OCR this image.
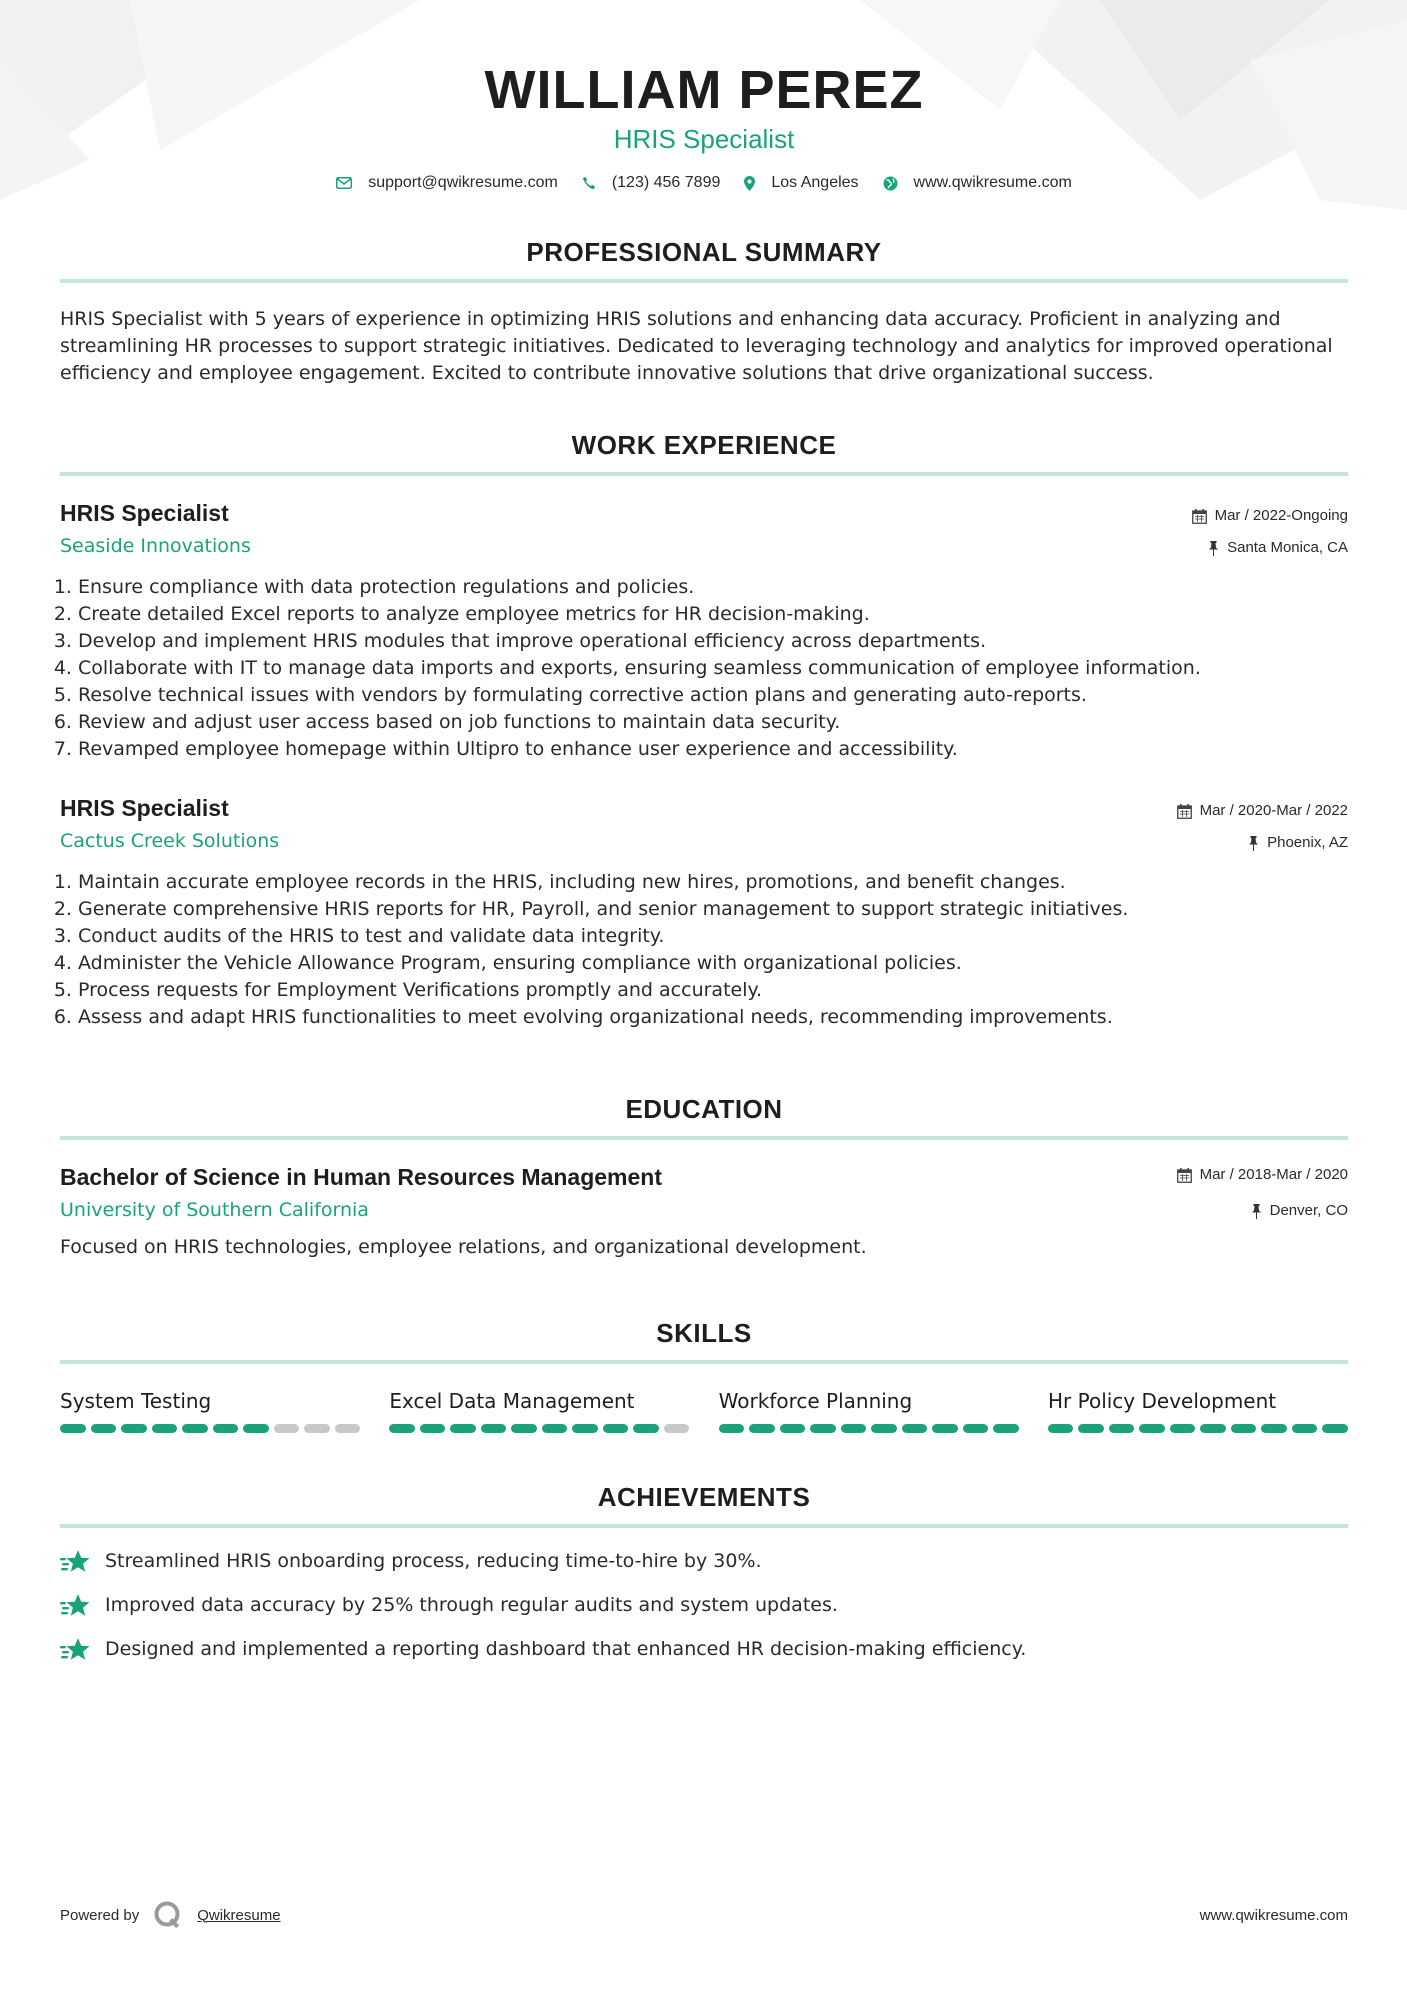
WILLIAM PEREZ
HRIS Specialist
support@qwikresume.com	(123) 456 7899	Los Angeles	www.qwikresume.com
PROFESSIONAL SUMMARY
HRIS Specialist with 5 years of experience in optimizing HRIS solutions and enhancing data accuracy. Proficient in analyzing and streamlining HR processes to support strategic initiatives. Dedicated to leveraging technology and analytics for improved operational efficiency and employee engagement. Excited to contribute innovative solutions that drive organizational success.
WORK EXPERIENCE
HRIS Specialist
Seaside Innovations
Mar / 2022-Ongoing
Santa Monica, CA
1. Ensure compliance with data protection regulations and policies.
2. Create detailed Excel reports to analyze employee metrics for HR decision-making.
3. Develop and implement HRIS modules that improve operational efficiency across departments.
4. Collaborate with IT to manage data imports and exports, ensuring seamless communication of employee information.
5. Resolve technical issues with vendors by formulating corrective action plans and generating auto-reports.
6. Review and adjust user access based on job functions to maintain data security.
7. Revamped employee homepage within Ultipro to enhance user experience and accessibility.
HRIS Specialist
Cactus Creek Solutions
Mar / 2020-Mar / 2022
Phoenix, AZ
1. Maintain accurate employee records in the HRIS, including new hires, promotions, and benefit changes.
2. Generate comprehensive HRIS reports for HR, Payroll, and senior management to support strategic initiatives.
3. Conduct audits of the HRIS to test and validate data integrity.
4. Administer the Vehicle Allowance Program, ensuring compliance with organizational policies.
5. Process requests for Employment Verifications promptly and accurately.
6. Assess and adapt HRIS functionalities to meet evolving organizational needs, recommending improvements.
EDUCATION
Bachelor of Science in Human Resources Management
University of Southern California
Mar / 2018-Mar / 2020
Denver, CO
Focused on HRIS technologies, employee relations, and organizational development.
SKILLS
System Testing	Excel Data Management	Workforce Planning	Hr Policy Development
ACHIEVEMENTS
Streamlined HRIS onboarding process, reducing time-to-hire by 30%.
Improved data accuracy by 25% through regular audits and system updates.
Designed and implemented a reporting dashboard that enhanced HR decision-making efficiency.
Powered by	Qwikresume	www.qwikresume.com
